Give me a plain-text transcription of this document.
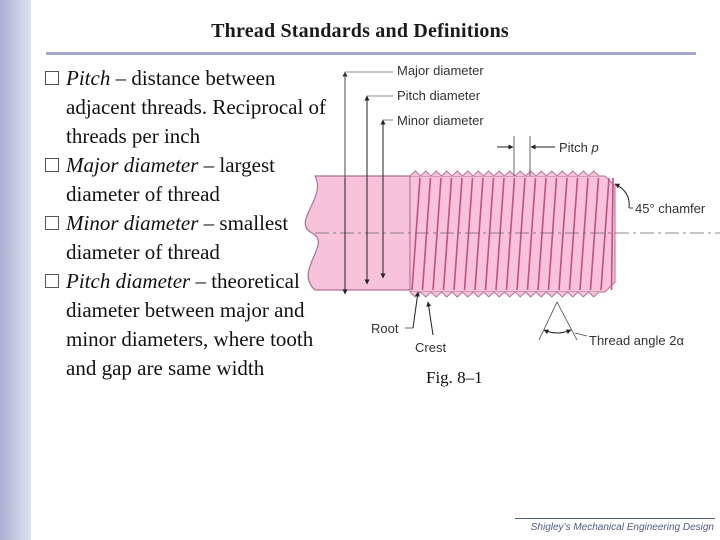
Thread Standards and Definitions
Pitch – distance between adjacent threads. Reciprocal of threads per inch
Major diameter – largest diameter of thread
Minor diameter – smallest diameter of thread
Pitch diameter – theoretical diameter between major and minor diameters, where tooth and gap are same width
Major diameter
Pitch diameter
Minor diameter
Pitch p
45° chamfer
Root
Crest	Thread angle 2α
Fig. 8–1
Shigley’s Mechanical Engineering Design
